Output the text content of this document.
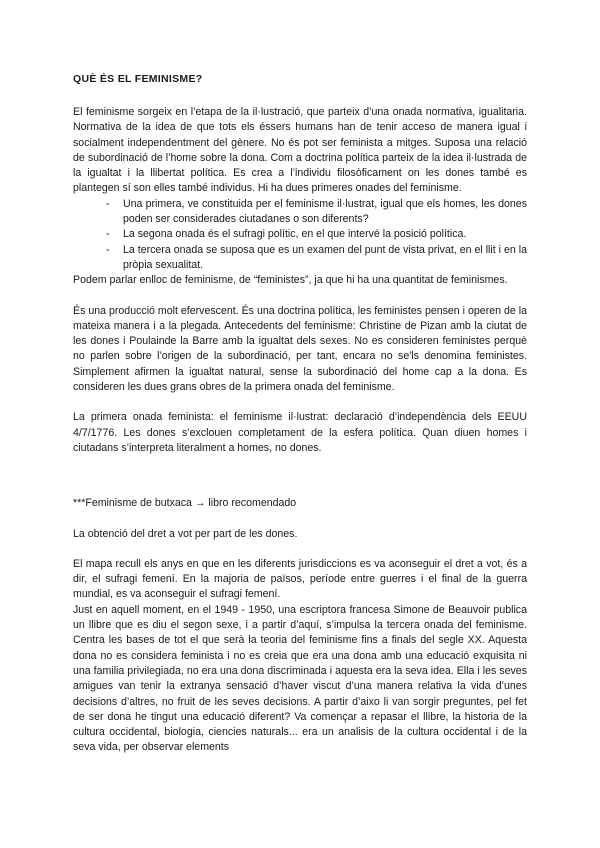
QUÈ ÉS EL FEMINISME?

El feminisme sorgeix en l’etapa de la il·lustració, que parteix d’una onada normativa, igualitaria. Normativa de la idea de que tots els éssers humans han de tenir acceso de manera igual i socialment independentment del gènere. No és pot ser feminista a mitges. Suposa una relació de subordinació de l’home sobre la dona. Com a doctrina política parteix de la idea il·lustrada de la igualtat i la llibertat política. Es crea a l’individu filosòficament on les dones també es plantegen sí son elles també individus. Hi ha dues primeres onades del feminisme.

- Una primera, ve constituida per el feminisme il·lustrat, igual que els homes, les dones poden ser considerades ciutadanes o son diferents?
- La segona onada és el sufragi polític, en el que intervé la posició política.
- La tercera onada se suposa que es un examen del punt de vista privat, en el llit i en la pròpia sexualitat.

Podem parlar enlloc de feminisme, de “feministes”, ja que hi ha una quantitat de feminismes.

És una producció molt efervescent. És una doctrina política, les feministes pensen i operen de la mateixa manera i a la plegada. Antecedents del feminisme: Christine de Pizan amb la ciutat de les dones i Poulainde la Barre amb la igualtat dels sexes. No es consideren feministes perquè no parlen sobre l’origen de la subordinació, per tant, encara no se'ls denomina feministes. Simplement afirmen la igualtat natural, sense la subordinació del home cap a la dona. Es consideren les dues grans obres de la primera onada del feminisme.

La primera onada feminista: el feminisme il·lustrat: declaració d’independència dels EEUU 4/7/1776. Les dones s’exclouen completament de la esfera política. Quan diuen homes i ciutadans s’interpreta literalment a homes, no dones.

***Feminisme de butxaca → libro recomendado

La obtenció del dret a vot per part de les dones.

El mapa recull els anys en que en les diferents jurisdiccions es va aconseguir el dret a vot, és a dir, el sufragi femení. En la majoria de països, període entre guerres i el final de la guerra mundial, es va aconseguir el sufragi femení.

Just en aquell moment, en el 1949 - 1950, una escriptora francesa Simone de Beauvoir publica un llibre que es diu el segon sexe, i a partir d’aquí, s’impulsa la tercera onada del feminisme. Centra les bases de tot el que serà la teoria del feminisme fins a finals del segle XX. Aquesta dona no es considera feminista i no es creia que era una dona amb una educació exquisita ni una familia privilegiada, no era una dona discriminada i aquesta era la seva idea. Ella i les seves amigues van tenir la extranya sensació d’haver viscut d’una manera relativa la vida d’unes decisions d’altres, no fruit de les seves decisions. A partir d’aixo li van sorgir preguntes, pel fet de ser dona he tingut una educació diferent? Va començar a repasar el llibre, la historia de la cultura occidental, biologia, ciencies naturals... era un analisis de la cultura occidental i de la seva vida, per observar elements
